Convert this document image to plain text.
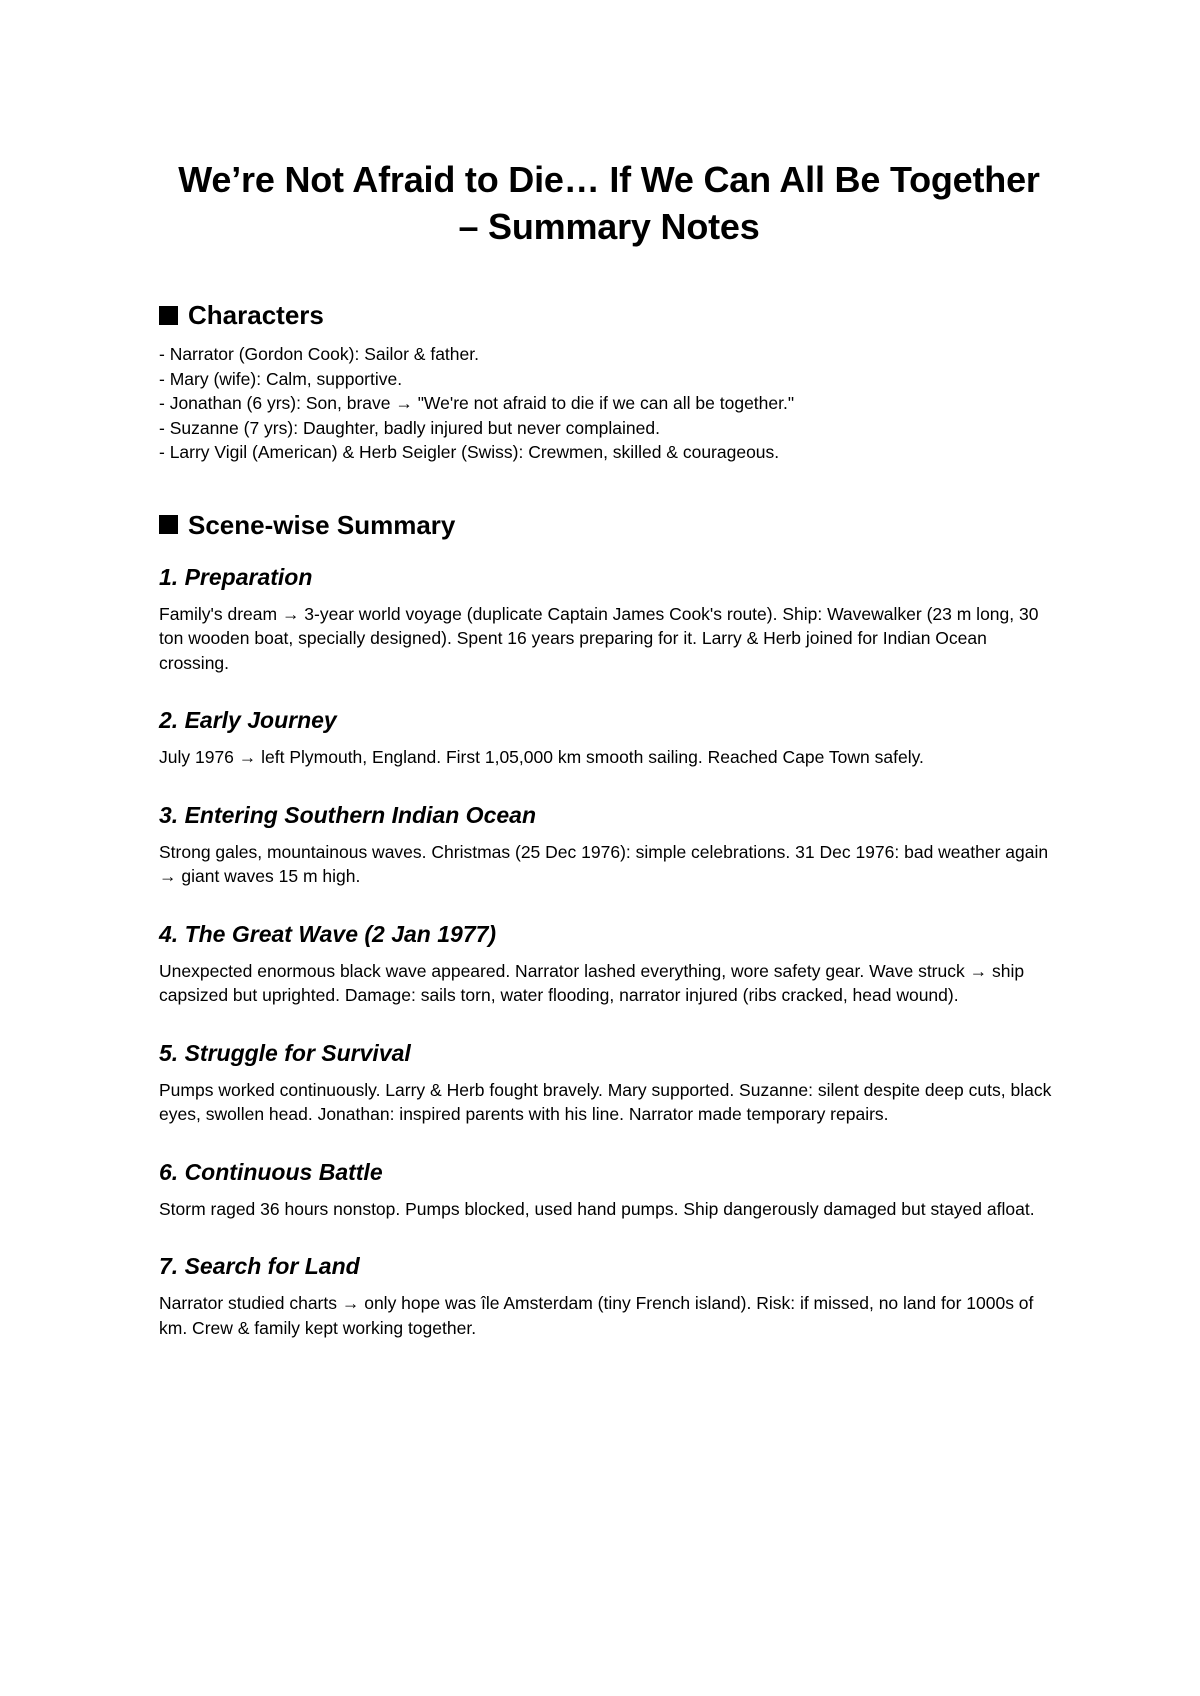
We’re Not Afraid to Die… If We Can All Be Together
– Summary Notes
Characters
- Narrator (Gordon Cook): Sailor & father.
- Mary (wife): Calm, supportive.
- Jonathan (6 yrs): Son, brave → "We're not afraid to die if we can all be together."
- Suzanne (7 yrs): Daughter, badly injured but never complained.
- Larry Vigil (American) & Herb Seigler (Swiss): Crewmen, skilled & courageous.
Scene-wise Summary
1. Preparation

Family's dream → 3-year world voyage (duplicate Captain James Cook's route). Ship: Wavewalker (23 m long, 30 ton wooden boat, specially designed). Spent 16 years preparing for it. Larry & Herb joined for Indian Ocean crossing.

2. Early Journey

July 1976 → left Plymouth, England. First 1,05,000 km smooth sailing. Reached Cape Town safely.

3. Entering Southern Indian Ocean

Strong gales, mountainous waves. Christmas (25 Dec 1976): simple celebrations. 31 Dec 1976: bad weather again → giant waves 15 m high.

4. The Great Wave (2 Jan 1977)

Unexpected enormous black wave appeared. Narrator lashed everything, wore safety gear. Wave struck → ship capsized but uprighted. Damage: sails torn, water flooding, narrator injured (ribs cracked, head wound).

5. Struggle for Survival

Pumps worked continuously. Larry & Herb fought bravely. Mary supported. Suzanne: silent despite deep cuts, black eyes, swollen head. Jonathan: inspired parents with his line. Narrator made temporary repairs.

6. Continuous Battle

Storm raged 36 hours nonstop. Pumps blocked, used hand pumps. Ship dangerously damaged but stayed afloat.

7. Search for Land

Narrator studied charts → only hope was île Amsterdam (tiny French island). Risk: if missed, no land for 1000s of km. Crew & family kept working together.
